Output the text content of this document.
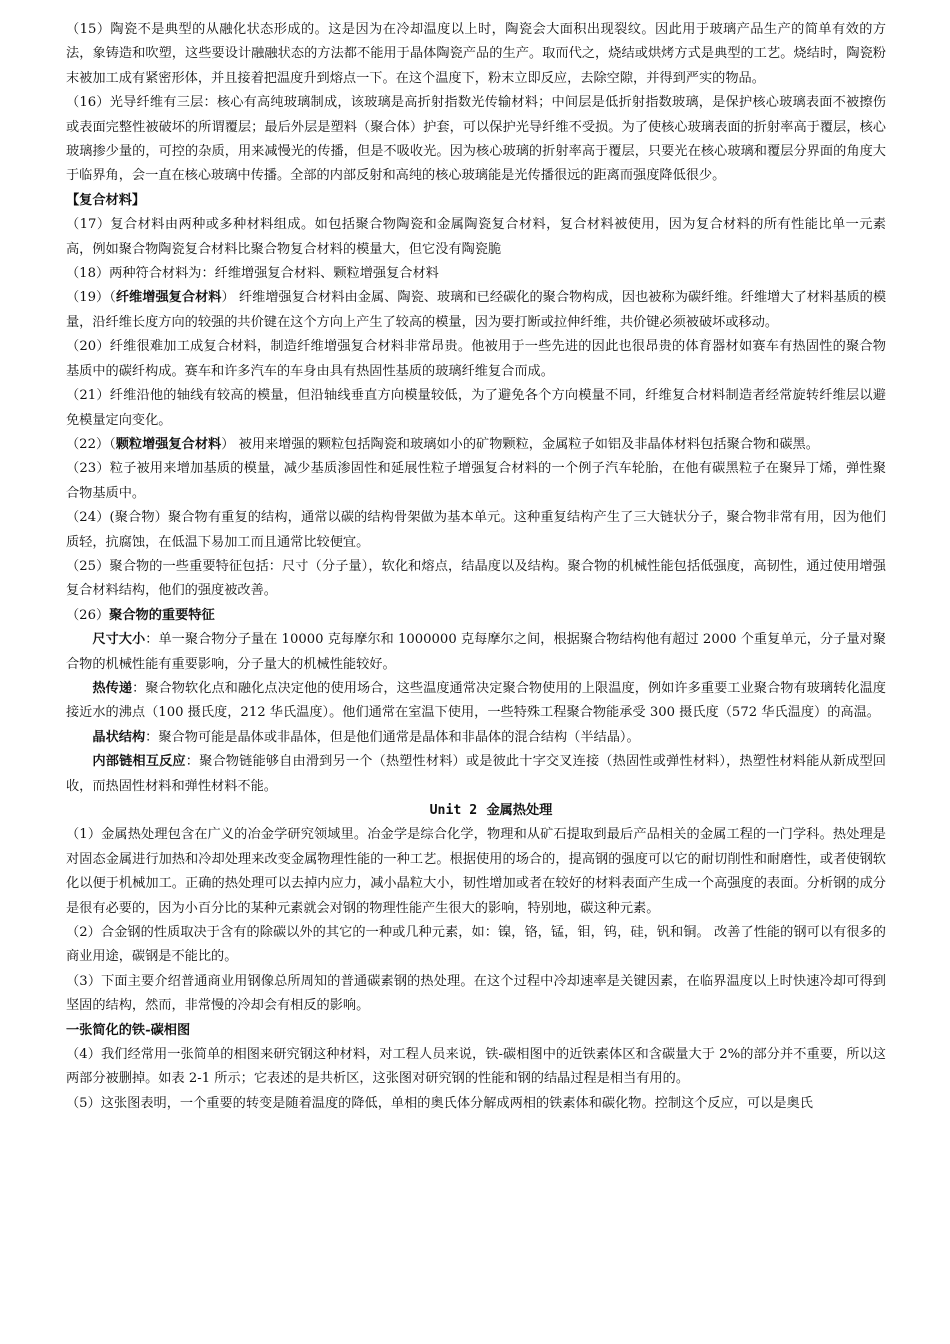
（15）陶瓷不是典型的从融化状态形成的。这是因为在冷却温度以上时，陶瓷会大面积出现裂纹。因此用于玻璃产品生产的简单有效的方法，象铸造和吹塑，这些要设计融融状态的方法都不能用于晶体陶瓷产品的生产。取而代之，烧结或烘烤方式是典型的工艺。烧结时，陶瓷粉末被加工成有紧密形体，并且接着把温度升到熔点一下。在这个温度下，粉末立即反应，去除空隙，并得到严实的物品。

（16）光导纤维有三层：核心有高纯玻璃制成，该玻璃是高折射指数光传输材料；中间层是低折射指数玻璃，是保护核心玻璃表面不被擦伤或表面完整性被破坏的所谓覆层；最后外层是塑料（聚合体）护套，可以保护光导纤维不受损。为了使核心玻璃表面的折射率高于覆层，核心玻璃掺少量的，可控的杂质，用来减慢光的传播，但是不吸收光。因为核心玻璃的折射率高于覆层，只要光在核心玻璃和覆层分界面的角度大于临界角，会一直在核心玻璃中传播。全部的内部反射和高纯的核心玻璃能是光传播很远的距离而强度降低很少。

【复合材料】

（17）复合材料由两种或多种材料组成。如包括聚合物陶瓷和金属陶瓷复合材料，复合材料被使用，因为复合材料的所有性能比单一元素高，例如聚合物陶瓷复合材料比聚合物复合材料的模量大，但它没有陶瓷脆

（18）两种符合材料为：纤维增强复合材料、颗粒增强复合材料

（19）（纤维增强复合材料） 纤维增强复合材料由金属、陶瓷、玻璃和已经碳化的聚合物构成，因也被称为碳纤维。纤维增大了材料基质的模量，沿纤维长度方向的较强的共价键在这个方向上产生了较高的模量，因为要打断或拉伸纤维，共价键必须被破坏或移动。

（20）纤维很难加工成复合材料，制造纤维增强复合材料非常昂贵。他被用于一些先进的因此也很昂贵的体育器材如赛车有热固性的聚合物基质中的碳纤构成。赛车和许多汽车的车身由具有热固性基质的玻璃纤维复合而成。

（21）纤维沿他的轴线有较高的模量，但沿轴线垂直方向模量较低，为了避免各个方向模量不同，纤维复合材料制造者经常旋转纤维层以避免模量定向变化。

（22）（颗粒增强复合材料） 被用来增强的颗粒包括陶瓷和玻璃如小的矿物颗粒，金属粒子如铝及非晶体材料包括聚合物和碳黑。

（23）粒子被用来增加基质的模量，减少基质渗固性和延展性粒子增强复合材料的一个例子汽车轮胎，在他有碳黑粒子在聚异丁烯，弹性聚合物基质中。

（24）(聚合物）聚合物有重复的结构，通常以碳的结构骨架做为基本单元。这种重复结构产生了三大链状分子，聚合物非常有用，因为他们质轻，抗腐蚀，在低温下易加工而且通常比较便宜。

（25）聚合物的一些重要特征包括：尺寸（分子量），软化和熔点，结晶度以及结构。聚合物的机械性能包括低强度，高韧性，通过使用增强复合材料结构，他们的强度被改善。

（26）聚合物的重要特征

尺寸大小：单一聚合物分子量在 10000 克每摩尔和 1000000 克每摩尔之间，根据聚合物结构他有超过 2000 个重复单元，分子量对聚合物的机械性能有重要影响，分子量大的机械性能较好。

热传递：聚合物软化点和融化点决定他的使用场合，这些温度通常决定聚合物使用的上限温度，例如许多重要工业聚合物有玻璃转化温度接近水的沸点（100 摄氏度，212 华氏温度）。他们通常在室温下使用，一些特殊工程聚合物能承受 300 摄氏度（572 华氏温度）的高温。

晶状结构：聚合物可能是晶体或非晶体，但是他们通常是晶体和非晶体的混合结构（半结晶）。

内部链相互反应：聚合物链能够自由滑到另一个（热塑性材料）或是彼此十字交叉连接（热固性或弹性材料），热塑性材料能从新成型回收，而热固性材料和弹性材料不能。

Unit 2 金属热处理

（1）金属热处理包含在广义的冶金学研究领域里。冶金学是综合化学，物理和从矿石提取到最后产品相关的金属工程的一门学科。热处理是对固态金属进行加热和冷却处理来改变金属物理性能的一种工艺。根据使用的场合的，提高钢的强度可以它的耐切削性和耐磨性，或者使钢软化以便于机械加工。正确的热处理可以去掉内应力，减小晶粒大小，韧性增加或者在较好的材料表面产生成一个高强度的表面。分析钢的成分是很有必要的，因为小百分比的某种元素就会对钢的物理性能产生很大的影响，特别地，碳这种元素。

（2）合金钢的性质取决于含有的除碳以外的其它的一种或几种元素，如：镍，铬，锰，钼，钨，硅，钒和铜。 改善了性能的钢可以有很多的商业用途，碳钢是不能比的。

（3）下面主要介绍普通商业用钢像总所周知的普通碳素钢的热处理。在这个过程中冷却速率是关键因素，在临界温度以上时快速冷却可得到坚固的结构，然而，非常慢的冷却会有相反的影响。

一张简化的铁-碳相图

（4）我们经常用一张简单的相图来研究钢这种材料，对工程人员来说，铁-碳相图中的近铁素体区和含碳量大于 2%的部分并不重要，所以这两部分被删掉。如表 2-1 所示；它表述的是共析区，这张图对研究钢的性能和钢的结晶过程是相当有用的。

（5）这张图表明，一个重要的转变是随着温度的降低，单相的奥氏体分解成两相的铁素体和碳化物。控制这个反应，可以是奥氏
